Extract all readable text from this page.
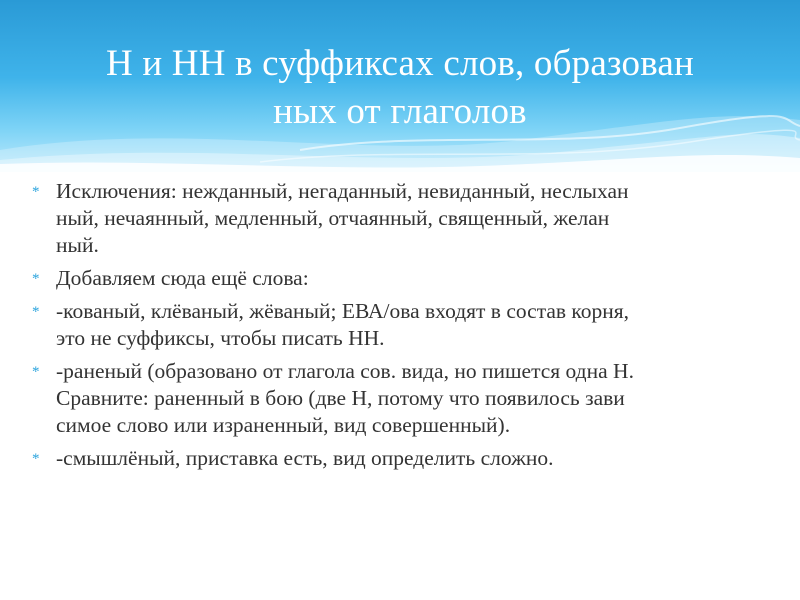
Н и НН в суффиксах слов, образован
ных от глаголов
* Исключения: нежданный, негаданный, невиданный, неслыхан
ный, нечаянный, медленный, отчаянный, священный, желан
ный.
* Добавляем сюда ещё слова:
* -кованый, клёваный, жёваный; ЕВА/ова входят в состав корня,
это не суффиксы, чтобы писать НН.
* -раненый (образовано от глагола сов. вида, но пишется одна Н.
Сравните: раненный в бою (две Н, потому что появилось зави
симое слово или израненный, вид совершенный).
* -смышлёный, приставка есть, вид определить сложно.
